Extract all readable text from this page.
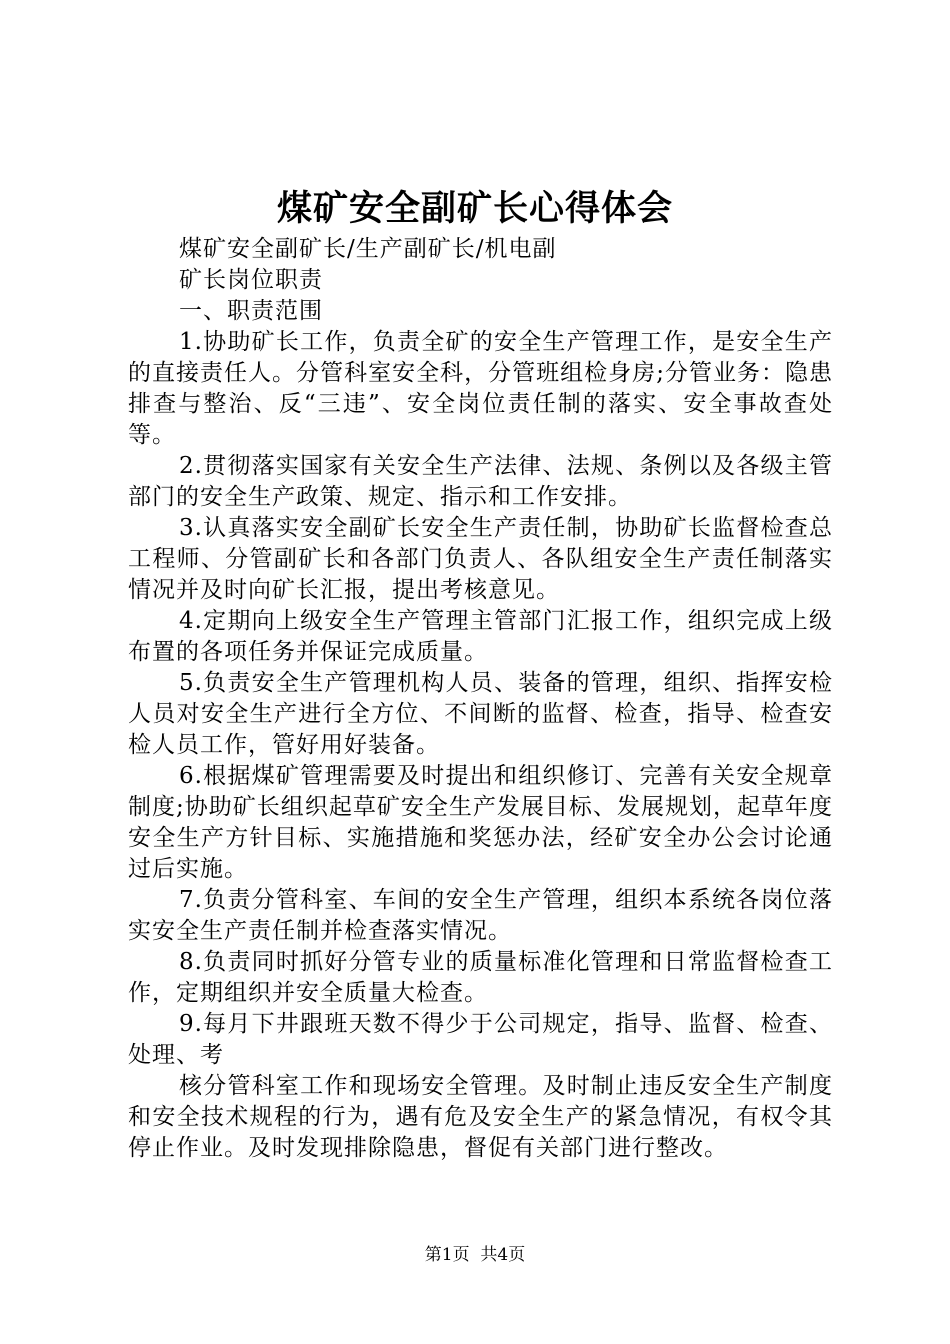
煤矿安全副矿长心得体会

煤矿安全副矿长/生产副矿长/机电副

矿长岗位职责

一、职责范围

1.协助矿长工作，负责全矿的安全生产管理工作，是安全生产的直接责任人。分管科室安全科，分管班组检身房;分管业务：隐患排查与整治、反“三违”、安全岗位责任制的落实、安全事故查处等。

2.贯彻落实国家有关安全生产法律、法规、条例以及各级主管部门的安全生产政策、规定、指示和工作安排。

3.认真落实安全副矿长安全生产责任制，协助矿长监督检查总工程师、分管副矿长和各部门负责人、各队组安全生产责任制落实情况并及时向矿长汇报，提出考核意见。

4.定期向上级安全生产管理主管部门汇报工作，组织完成上级布置的各项任务并保证完成质量。

5.负责安全生产管理机构人员、装备的管理，组织、指挥安检人员对安全生产进行全方位、不间断的监督、检查，指导、检查安检人员工作，管好用好装备。

6.根据煤矿管理需要及时提出和组织修订、完善有关安全规章制度;协助矿长组织起草矿安全生产发展目标、发展规划，起草年度安全生产方针目标、实施措施和奖惩办法，经矿安全办公会讨论通过后实施。

7.负责分管科室、车间的安全生产管理，组织本系统各岗位落实安全生产责任制并检查落实情况。

8.负责同时抓好分管专业的质量标准化管理和日常监督检查工作，定期组织并安全质量大检查。

9.每月下井跟班天数不得少于公司规定，指导、监督、检查、处理、考

核分管科室工作和现场安全管理。及时制止违反安全生产制度和安全技术规程的行为，遇有危及安全生产的紧急情况，有权令其停止作业。及时发现排除隐患，督促有关部门进行整改。

第1页 共4页
